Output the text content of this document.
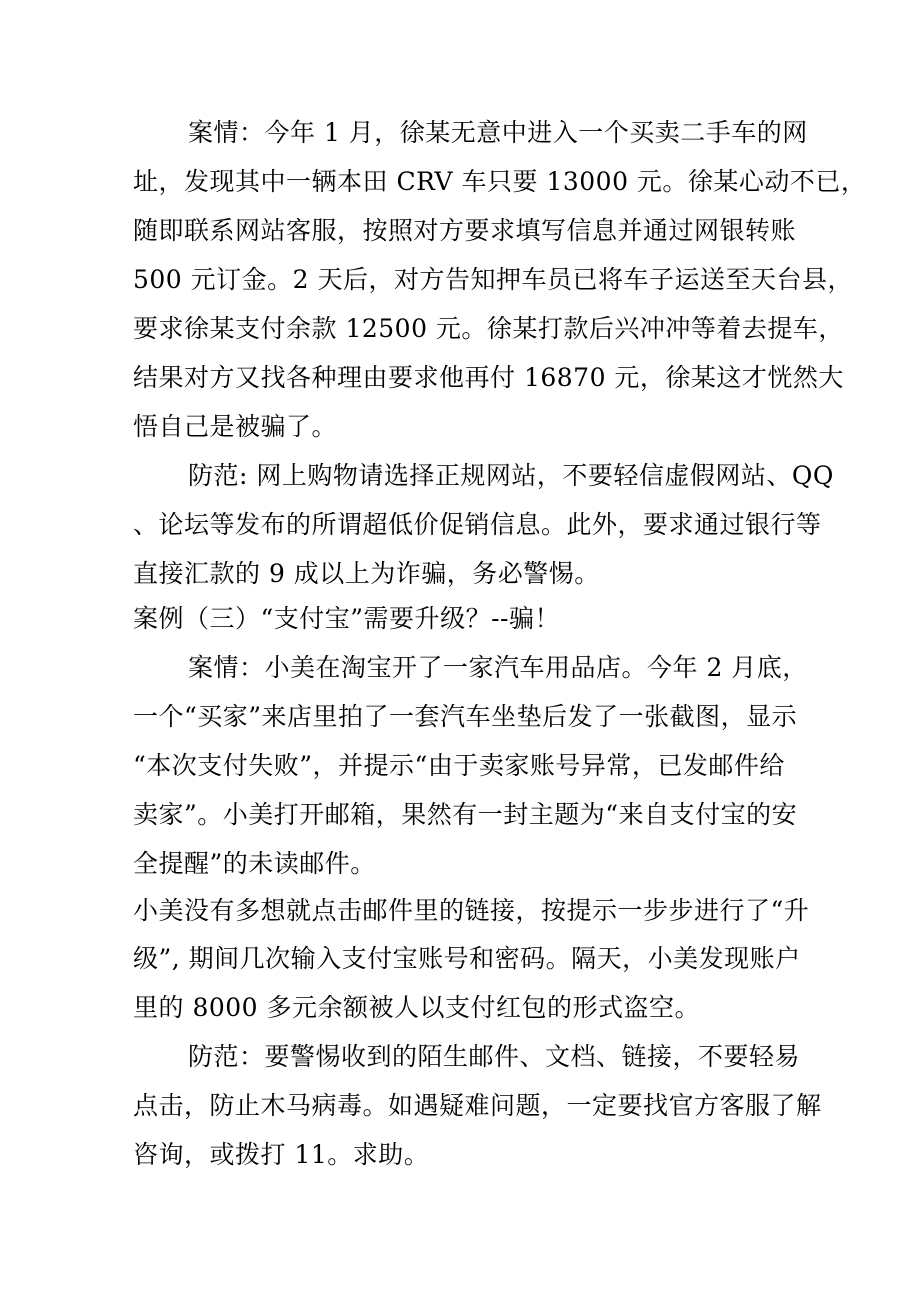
案情：今年 1 月，徐某无意中进入一个买卖二手车的网
址，发现其中一辆本田 CRV 车只要 13000 元。徐某心动不已，
随即联系网站客服，按照对方要求填写信息并通过网银转账
500 元订金。2 天后，对方告知押车员已将车子运送至天台县，
要求徐某支付余款 12500 元。徐某打款后兴冲冲等着去提车，
结果对方又找各种理由要求他再付 16870 元，徐某这才恍然大
悟自己是被骗了。
防范: 网上购物请选择正规网站，不要轻信虚假网站、QQ
、论坛等发布的所谓超低价促销信息。此外，要求通过银行等
直接汇款的 9 成以上为诈骗，务必警惕。
案例（三）“支付宝”需要升级？--骗！
案情：小美在淘宝开了一家汽车用品店。今年 2 月底，
一个“买家”来店里拍了一套汽车坐垫后发了一张截图，显示
“本次支付失败”，并提示“由于卖家账号异常，已发邮件给
卖家”。小美打开邮箱，果然有一封主题为“来自支付宝的安
全提醒”的未读邮件。
小美没有多想就点击邮件里的链接，按提示一步步进行了“升
级”, 期间几次输入支付宝账号和密码。隔天，小美发现账户
里的 8000 多元余额被人以支付红包的形式盗空。
防范：要警惕收到的陌生邮件、文档、链接，不要轻易
点击，防止木马病毒。如遇疑难问题，一定要找官方客服了解
咨询，或拨打 11。求助。
